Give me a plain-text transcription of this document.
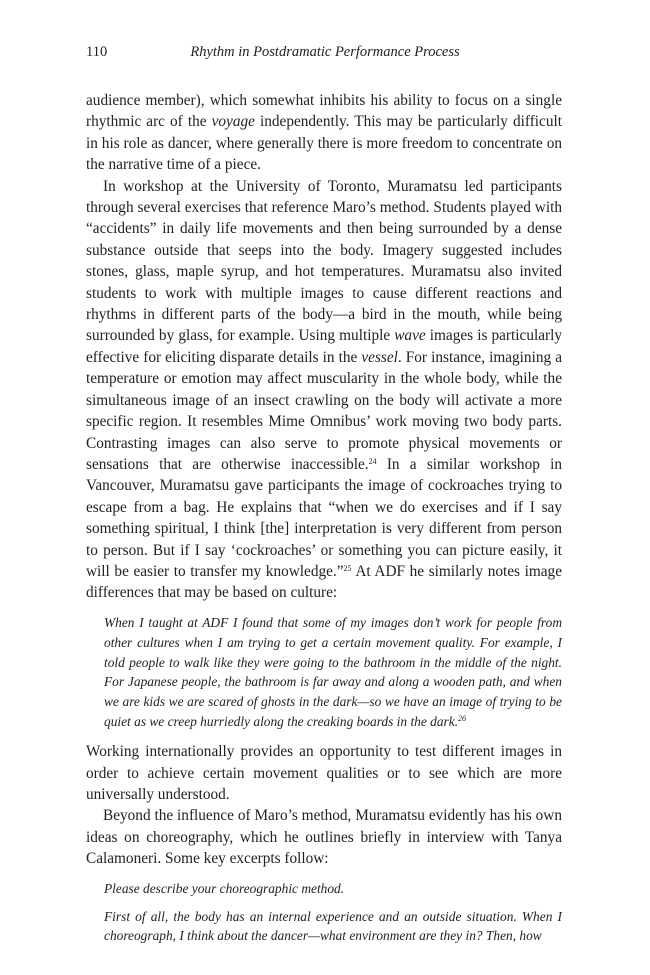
110	Rhythm in Postdramatic Performance Process

audience member), which somewhat inhibits his ability to focus on a single rhythmic arc of the voyage independently. This may be particularly difficult in his role as dancer, where generally there is more freedom to concentrate on the narrative time of a piece.

In workshop at the University of Toronto, Muramatsu led participants through several exercises that reference Maro’s method. Students played with “accidents” in daily life movements and then being surrounded by a dense substance outside that seeps into the body. Imagery suggested includes stones, glass, maple syrup, and hot temperatures. Muramatsu also invited students to work with multiple images to cause different reactions and rhythms in different parts of the body—a bird in the mouth, while being surrounded by glass, for example. Using multiple wave images is particularly effective for eliciting disparate details in the vessel. For instance, imagining a temperature or emotion may affect muscularity in the whole body, while the simultaneous image of an insect crawling on the body will activate a more specific region. It resembles Mime Omnibus’ work moving two body parts. Contrasting images can also serve to promote physical movements or sensations that are otherwise inaccessible.$^{24}$ In a similar workshop in Vancouver, Muramatsu gave participants the image of cockroaches trying to escape from a bag. He explains that “when we do exercises and if I say something spiritual, I think [the] interpretation is very different from person to person. But if I say ‘cockroaches’ or something you can picture easily, it will be easier to transfer my knowledge.”$^{25}$ At ADF he similarly notes image differences that may be based on culture:

When I taught at ADF I found that some of my images don’t work for people from other cultures when I am trying to get a certain movement quality. For example, I told people to walk like they were going to the bathroom in the middle of the night. For Japanese people, the bathroom is far away and along a wooden path, and when we are kids we are scared of ghosts in the dark—so we have an image of trying to be quiet as we creep hurriedly along the creaking boards in the dark.$^{26}$

Working internationally provides an opportunity to test different images in order to achieve certain movement qualities or to see which are more universally understood.

Beyond the influence of Maro’s method, Muramatsu evidently has his own ideas on choreography, which he outlines briefly in interview with Tanya Calamoneri. Some key excerpts follow:

Please describe your choreographic method.

First of all, the body has an internal experience and an outside situation. When I choreograph, I think about the dancer—what environment are they in? Then, how
